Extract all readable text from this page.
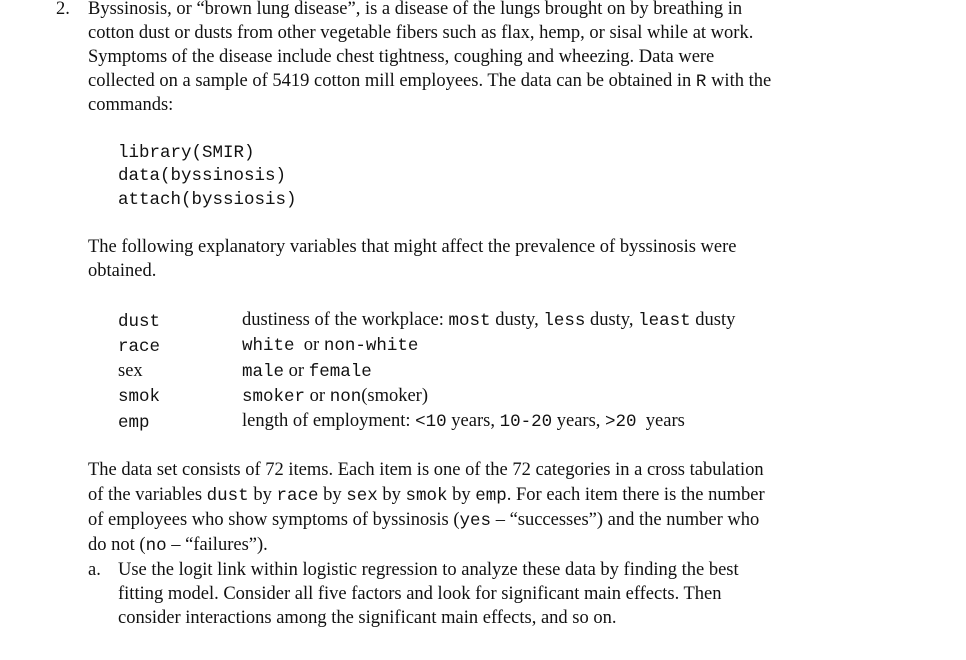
2. Byssinosis, or “brown lung disease”, is a disease of the lungs brought on by breathing in
cotton dust or dusts from other vegetable fibers such as flax, hemp, or sisal while at work.
Symptoms of the disease include chest tightness, coughing and wheezing. Data were
collected on a sample of 5419 cotton mill employees. The data can be obtained in R with the
commands:
library(SMIR)
data(byssinosis)
attach(byssiosis)
The following explanatory variables that might affect the prevalence of byssinosis were
obtained.
dust	dustiness of the workplace: most dusty, less dusty, least dusty
race	white  or non-white
sex	male or female
smok	smoker or non(smoker)
emp	length of employment: <10 years, 10-20 years, >20  years
The data set consists of 72 items. Each item is one of the 72 categories in a cross tabulation
of the variables dust by race by sex by smok by emp. For each item there is the number
of employees who show symptoms of byssinosis (yes – “successes”) and the number who
do not (no – “failures”).
a. Use the logit link within logistic regression to analyze these data by finding the best
fitting model. Consider all five factors and look for significant main effects. Then
consider interactions among the significant main effects, and so on.
